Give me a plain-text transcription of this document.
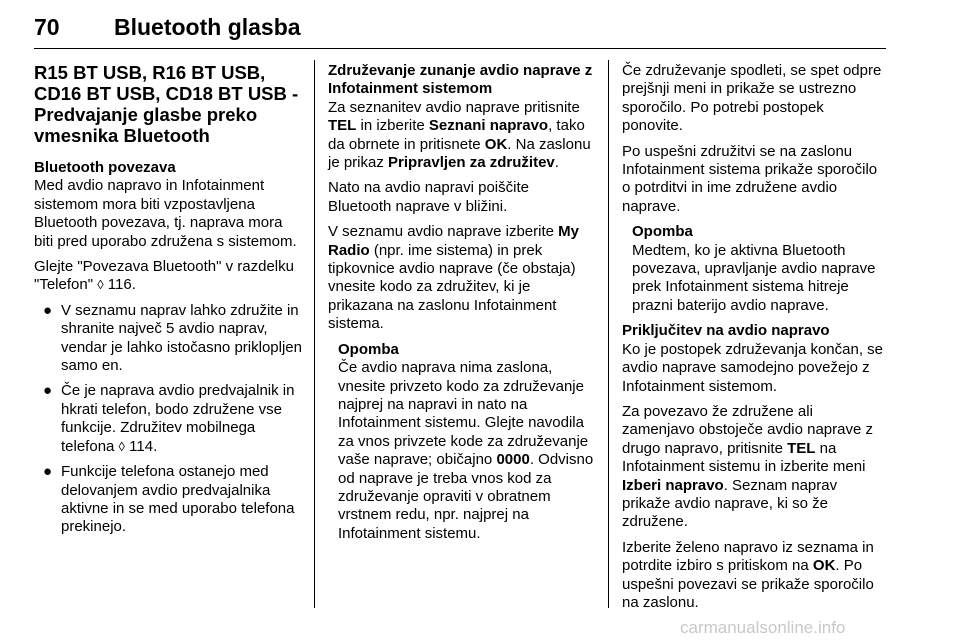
70 Bluetooth glasba
R15 BT USB, R16 BT USB, CD16 BT USB, CD18 BT USB - Predvajanje glasbe preko vmesnika Bluetooth
Bluetooth povezava

Med avdio napravo in Infotainment sistemom mora biti vzpostavljena Bluetooth povezava, tj. naprava mora biti pred uporabo združena s sistemom.

Glejte "Povezava Bluetooth" v razdelku "Telefon" ◊ 116.

● V seznamu naprav lahko združite in shranite največ 5 avdio naprav, vendar je lahko istočasno priklopljen samo en.
● Če je naprava avdio predvajalnik in hkrati telefon, bodo združene vse funkcije. Združitev mobilnega telefona ◊ 114.
● Funkcije telefona ostanejo med delovanjem avdio predvajalnika aktivne in se med uporabo telefona prekinejo.
Združevanje zunanje avdio naprave z Infotainment sistemom

Za seznanitev avdio naprave pritisnite TEL in izberite Seznani napravo, tako da obrnete in pritisnete OK. Na zaslonu je prikaz Pripravljen za združitev.

Nato na avdio napravi poiščite Bluetooth naprave v bližini.

V seznamu avdio naprave izberite My Radio (npr. ime sistema) in prek tipkovnice avdio naprave (če obstaja) vnesite kodo za združitev, ki je prikazana na zaslonu Infotainment sistema.

Opomba
Če avdio naprava nima zaslona, vnesite privzeto kodo za združevanje najprej na napravi in nato na Infotainment sistemu. Glejte navodila za vnos privzete kode za združevanje vaše naprave; običajno 0000. Odvisno od naprave je treba vnos kod za združevanje opraviti v obratnem vrstnem redu, npr. najprej na Infotainment sistemu.

Če združevanje spodleti, se spet odpre prejšnji meni in prikaže se ustrezno sporočilo. Po potrebi postopek ponovite.

Po uspešni združitvi se na zaslonu Infotainment sistema prikaže sporočilo o potrditvi in ime združene avdio naprave.

Opomba
Medtem, ko je aktivna Bluetooth povezava, upravljanje avdio naprave prek Infotainment sistema hitreje prazni baterijo avdio naprave.
Priključitev na avdio napravo

Ko je postopek združevanja končan, se avdio naprave samodejno povežejo z Infotainment sistemom.

Za povezavo že združene ali zamenjavo obstoječe avdio naprave z drugo napravo, pritisnite TEL na Infotainment sistemu in izberite meni Izberi napravo. Seznam naprav prikaže avdio naprave, ki so že združene.

Izberite želeno napravo iz seznama in potrdite izbiro s pritiskom na OK. Po uspešni povezavi se prikaže sporočilo na zaslonu.

carmanualsonline.info
